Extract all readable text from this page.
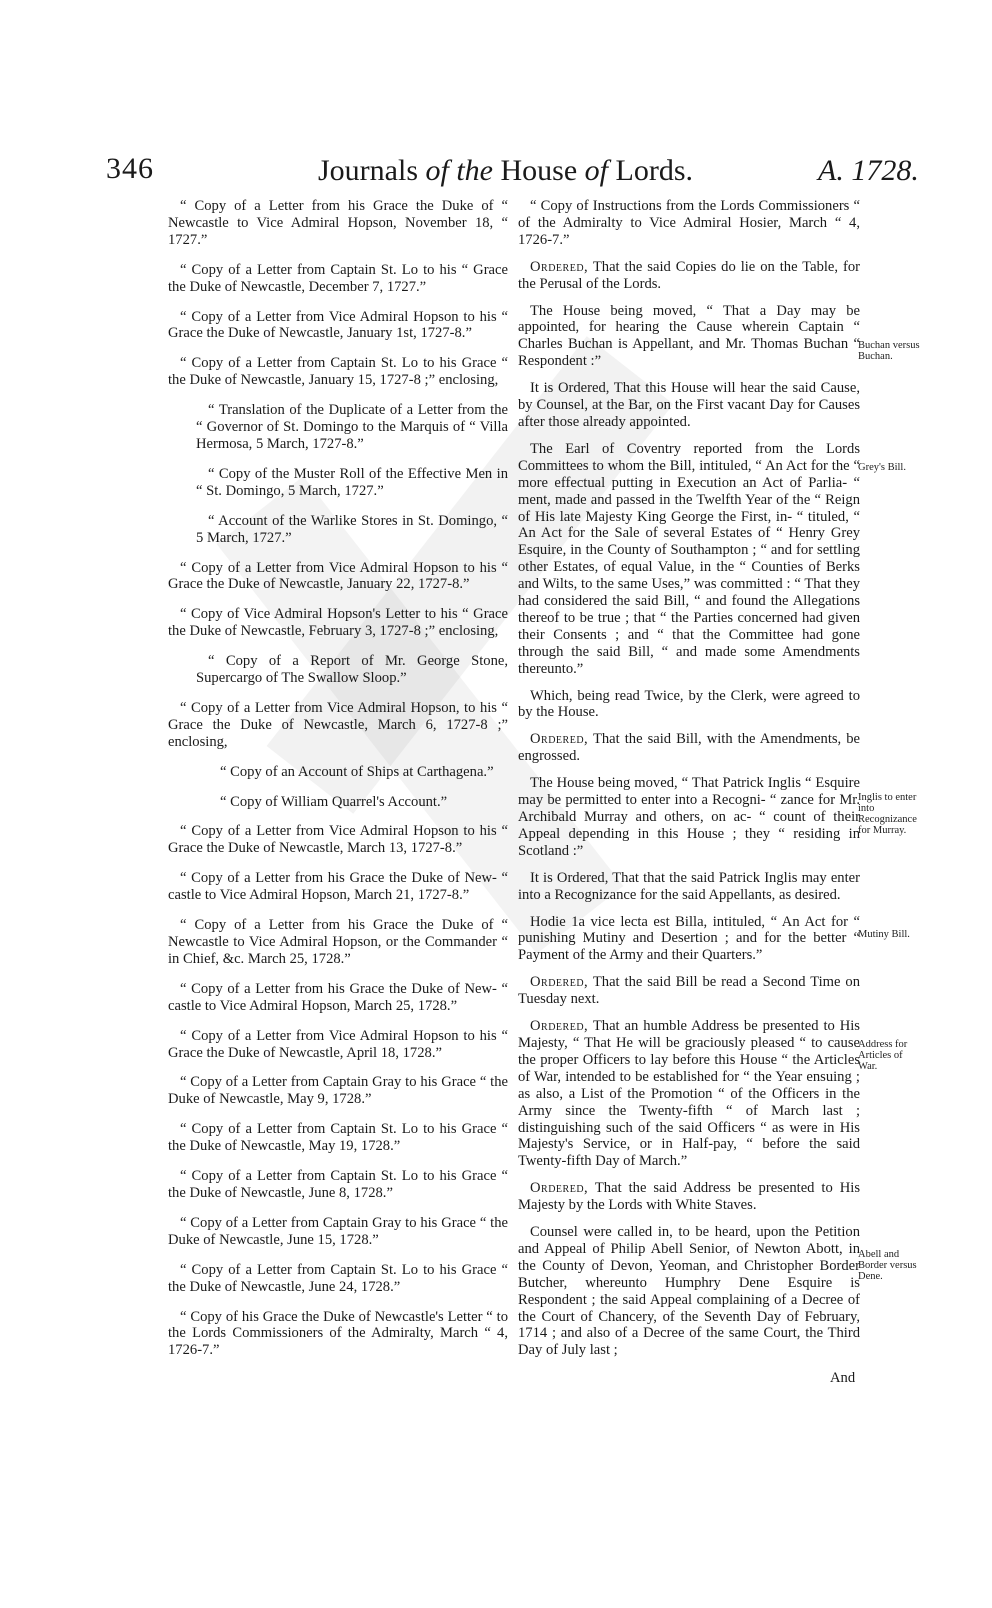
346	Journals of the House of Lords.	A. 1728.

“ Copy of a Letter from his Grace the Duke of “ Newcastle to Vice Admiral Hopson, November 18, “ 1727.”

“ Copy of a Letter from Captain St. Lo to his “ Grace the Duke of Newcastle, December 7, 1727.”

“ Copy of a Letter from Vice Admiral Hopson to his “ Grace the Duke of Newcastle, January 1st, 1727-8.”

“ Copy of a Letter from Captain St. Lo to his Grace “ the Duke of Newcastle, January 15, 1727-8 ;” enclosing,

“ Translation of the Duplicate of a Letter from the “ Governor of St. Domingo to the Marquis of “ Villa Hermosa, 5 March, 1727-8.”

“ Copy of the Muster Roll of the Effective Men in “ St. Domingo, 5 March, 1727.”

“ Account of the Warlike Stores in St. Domingo, “ 5 March, 1727.”

“ Copy of a Letter from Vice Admiral Hopson to his “ Grace the Duke of Newcastle, January 22, 1727-8.”

“ Copy of Vice Admiral Hopson's Letter to his “ Grace the Duke of Newcastle, February 3, 1727-8 ;” enclosing,

“ Copy of a Report of Mr. George Stone, Supercargo of The Swallow Sloop.”

“ Copy of a Letter from Vice Admiral Hopson, to his “ Grace the Duke of Newcastle, March 6, 1727-8 ;” enclosing,

“ Copy of an Account of Ships at Carthagena.”

“ Copy of William Quarrel's Account.”

“ Copy of a Letter from Vice Admiral Hopson to his “ Grace the Duke of Newcastle, March 13, 1727-8.”

“ Copy of a Letter from his Grace the Duke of New- “ castle to Vice Admiral Hopson, March 21, 1727-8.”

“ Copy of a Letter from his Grace the Duke of “ Newcastle to Vice Admiral Hopson, or the Commander “ in Chief, &c. March 25, 1728.”

“ Copy of a Letter from his Grace the Duke of New- “ castle to Vice Admiral Hopson, March 25, 1728.”

“ Copy of a Letter from Vice Admiral Hopson to his “ Grace the Duke of Newcastle, April 18, 1728.”

“ Copy of a Letter from Captain Gray to his Grace “ the Duke of Newcastle, May 9, 1728.”

“ Copy of a Letter from Captain St. Lo to his Grace “ the Duke of Newcastle, May 19, 1728.”

“ Copy of a Letter from Captain St. Lo to his Grace “ the Duke of Newcastle, June 8, 1728.”

“ Copy of a Letter from Captain Gray to his Grace “ the Duke of Newcastle, June 15, 1728.”

“ Copy of a Letter from Captain St. Lo to his Grace “ the Duke of Newcastle, June 24, 1728.”

“ Copy of his Grace the Duke of Newcastle's Letter “ to the Lords Commissioners of the Admiralty, March “ 4, 1726-7.”

“ Copy of Instructions from the Lords Commissioners “ of the Admiralty to Vice Admiral Hosier, March “ 4, 1726-7.”

Ordered, That the said Copies do lie on the Table, for the Perusal of the Lords.

The House being moved, “ That a Day may be appointed, for hearing the Cause wherein Captain “ Charles Buchan is Appellant, and Mr. Thomas Buchan “ Respondent :”

It is Ordered, That this House will hear the said Cause, by Counsel, at the Bar, on the First vacant Day for Causes after those already appointed.

The Earl of Coventry reported from the Lords Committees to whom the Bill, intituled, “ An Act for the “ more effectual putting in Execution an Act of Parlia- “ ment, made and passed in the Twelfth Year of the “ Reign of His late Majesty King George the First, in- “ tituled, “ An Act for the Sale of several Estates of “ Henry Grey Esquire, in the County of Southampton ; “ and for settling other Estates, of equal Value, in the “ Counties of Berks and Wilts, to the same Uses,” was committed : “ That they had considered the said Bill, “ and found the Allegations thereof to be true ; that “ the Parties concerned had given their Consents ; and “ that the Committee had gone through the said Bill, “ and made some Amendments thereunto.”

Which, being read Twice, by the Clerk, were agreed to by the House.

Ordered, That the said Bill, with the Amendments, be engrossed.

The House being moved, “ That Patrick Inglis “ Esquire may be permitted to enter into a Recogni- “ zance for Mr. Archibald Murray and others, on ac- “ count of their Appeal depending in this House ; they “ residing in Scotland :”

It is Ordered, That that the said Patrick Inglis may enter into a Recognizance for the said Appellants, as desired.

Hodie 1a vice lecta est Billa, intituled, “ An Act for “ punishing Mutiny and Desertion ; and for the better “ Payment of the Army and their Quarters.”

Ordered, That the said Bill be read a Second Time on Tuesday next.

Ordered, That an humble Address be presented to His Majesty, “ That He will be graciously pleased “ to cause the proper Officers to lay before this House “ the Articles of War, intended to be established for “ the Year ensuing ; as also, a List of the Promotion “ of the Officers in the Army since the Twenty-fifth “ of March last ; distinguishing such of the said Officers “ as were in His Majesty's Service, or in Half-pay, “ before the said Twenty-fifth Day of March.”

Ordered, That the said Address be presented to His Majesty by the Lords with White Staves.

Counsel were called in, to be heard, upon the Petition and Appeal of Philip Abell Senior, of Newton Abott, in the County of Devon, Yeoman, and Christopher Border Butcher, whereunto Humphry Dene Esquire is Respondent ; the said Appeal complaining of a Decree of the Court of Chancery, of the Seventh Day of February, 1714 ; and also of a Decree of the same Court, the Third Day of July last ;

Buchan versus Buchan.
Grey's Bill.
Inglis to enter into Recognizance for Murray.
Mutiny Bill.
Address for Articles of War.
Abell and Border versus Dene.
And
